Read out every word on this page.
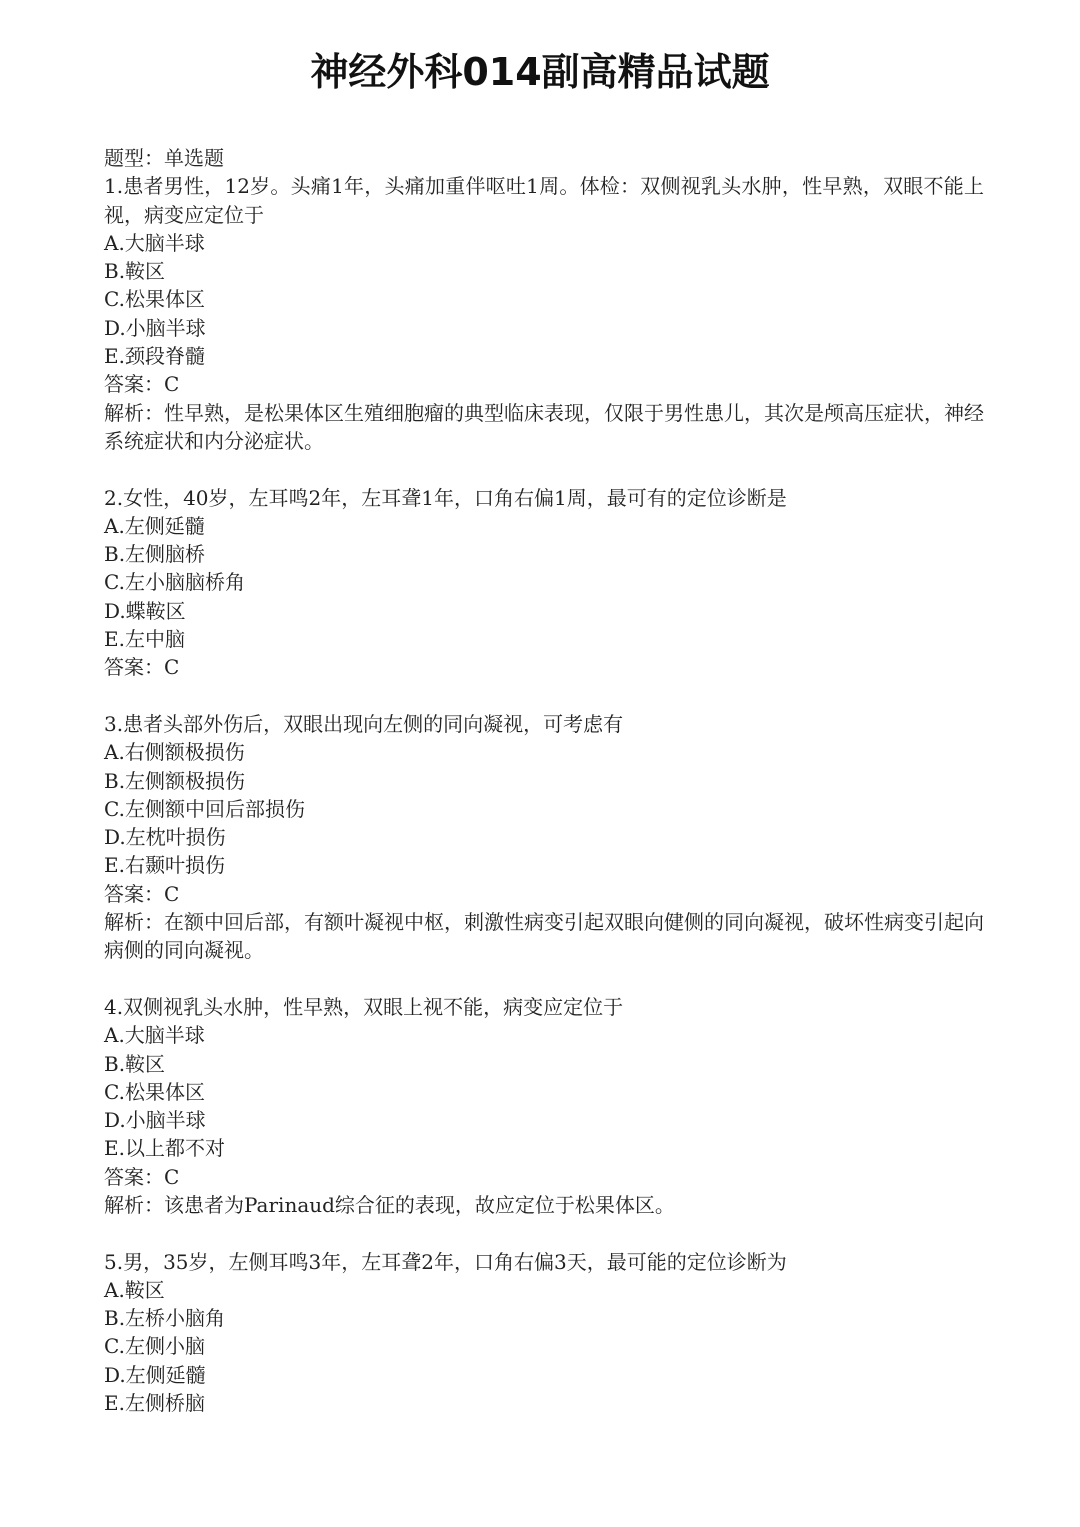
神经外科014副高精品试题

题型：单选题

1.患者男性，12岁。头痛1年，头痛加重伴呕吐1周。体检：双侧视乳头水肿，性早熟，双眼不能上视，病变应定位于

A.大脑半球

B.鞍区

C.松果体区

D.小脑半球

E.颈段脊髓

答案：C

解析：性早熟，是松果体区生殖细胞瘤的典型临床表现，仅限于男性患儿，其次是颅高压症状，神经系统症状和内分泌症状。

2.女性，40岁，左耳鸣2年，左耳聋1年，口角右偏1周，最可有的定位诊断是

A.左侧延髓

B.左侧脑桥

C.左小脑脑桥角

D.蝶鞍区

E.左中脑

答案：C

3.患者头部外伤后，双眼出现向左侧的同向凝视，可考虑有

A.右侧额极损伤

B.左侧额极损伤

C.左侧额中回后部损伤

D.左枕叶损伤

E.右颞叶损伤

答案：C

解析：在额中回后部，有额叶凝视中枢，刺激性病变引起双眼向健侧的同向凝视，破坏性病变引起向病侧的同向凝视。

4.双侧视乳头水肿，性早熟，双眼上视不能，病变应定位于

A.大脑半球

B.鞍区

C.松果体区

D.小脑半球

E.以上都不对

答案：C

解析：该患者为Parinaud综合征的表现，故应定位于松果体区。

5.男，35岁，左侧耳鸣3年，左耳聋2年，口角右偏3天，最可能的定位诊断为

A.鞍区

B.左桥小脑角

C.左侧小脑

D.左侧延髓

E.左侧桥脑
